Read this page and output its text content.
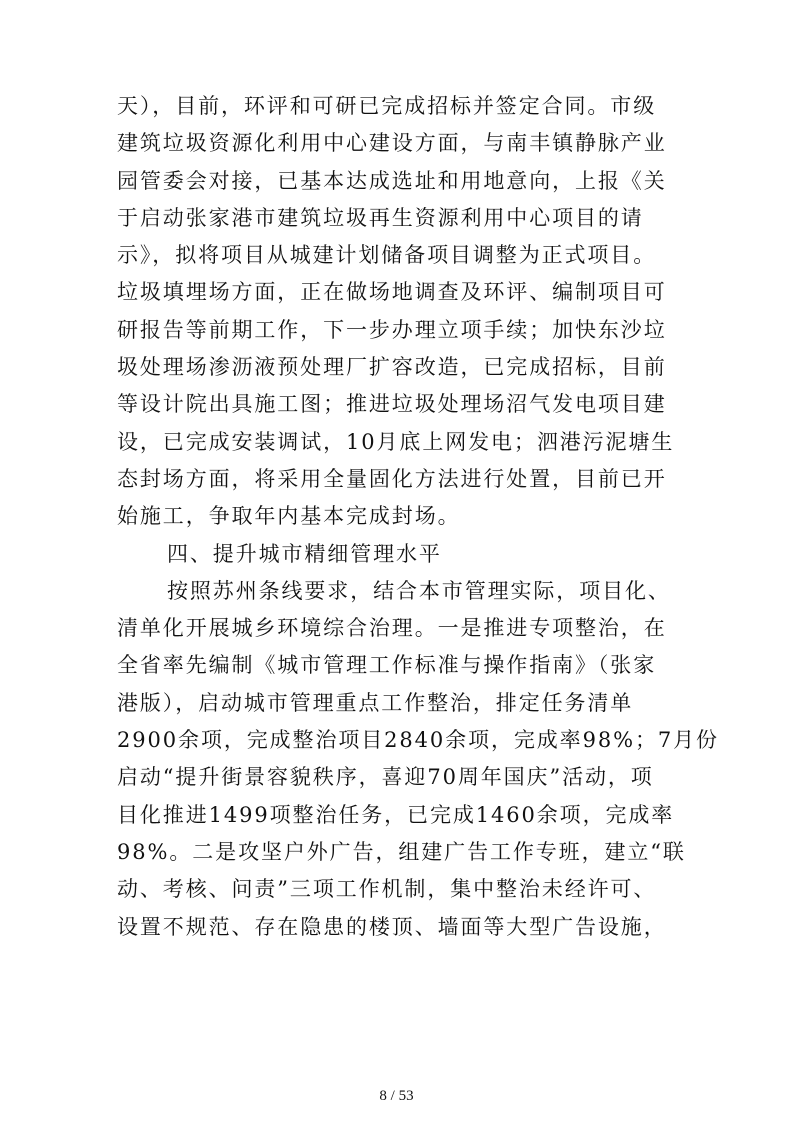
天），目前，环评和可研已完成招标并签定合同。市级
建筑垃圾资源化利用中心建设方面，与南丰镇静脉产业
园管委会对接，已基本达成选址和用地意向，上报《关
于启动张家港市建筑垃圾再生资源利用中心项目的请
示》，拟将项目从城建计划储备项目调整为正式项目。
垃圾填埋场方面，正在做场地调查及环评、编制项目可
研报告等前期工作，下一步办理立项手续；加快东沙垃
圾处理场渗沥液预处理厂扩容改造，已完成招标，目前
等设计院出具施工图；推进垃圾处理场沼气发电项目建
设，已完成安装调试，10月底上网发电；泗港污泥塘生
态封场方面，将采用全量固化方法进行处置，目前已开
始施工，争取年内基本完成封场。
四、提升城市精细管理水平
按照苏州条线要求，结合本市管理实际，项目化、
清单化开展城乡环境综合治理。一是推进专项整治，在
全省率先编制《城市管理工作标准与操作指南》（张家
港版），启动城市管理重点工作整治，排定任务清单
2900余项，完成整治项目2840余项，完成率98%；7月份
启动“提升街景容貌秩序，喜迎70周年国庆”活动，项
目化推进1499项整治任务，已完成1460余项，完成率
98%。二是攻坚户外广告，组建广告工作专班，建立“联
动、考核、问责”三项工作机制，集中整治未经许可、
设置不规范、存在隐患的楼顶、墙面等大型广告设施，
8 / 53
